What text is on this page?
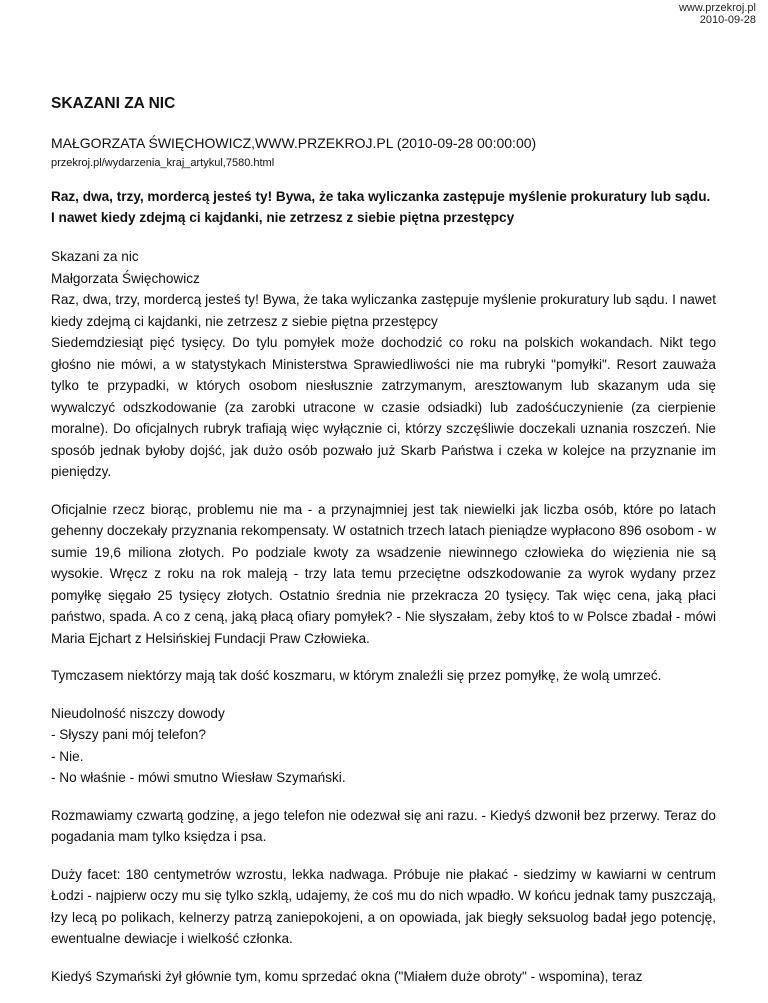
www.przekroj.pl
2010-09-28
SKAZANI ZA NIC

MAŁGORZATA ŚWIĘCHOWICZ,WWW.PRZEKROJ.PL (2010-09-28 00:00:00)

przekroj.pl/wydarzenia_kraj_artykul,7580.html

Raz, dwa, trzy, mordercą jesteś ty! Bywa, że taka wyliczanka zastępuje myślenie prokuratury lub sądu. I nawet kiedy zdejmą ci kajdanki, nie zetrzesz z siebie piętna przestępcy

Skazani za nic
Małgorzata Święchowicz
Raz, dwa, trzy, mordercą jesteś ty! Bywa, że taka wyliczanka zastępuje myślenie prokuratury lub sądu. I nawet kiedy zdejmą ci kajdanki, nie zetrzesz z siebie piętna przestępcy
Siedemdziesiąt pięć tysięcy. Do tylu pomyłek może dochodzić co roku na polskich wokandach. Nikt tego głośno nie mówi, a w statystykach Ministerstwa Sprawiedliwości nie ma rubryki "pomyłki". Resort zauważa tylko te przypadki, w których osobom niesłusznie zatrzymanym, aresztowanym lub skazanym uda się wywalczyć odszkodowanie (za zarobki utracone w czasie odsiadki) lub zadośćuczynienie (za cierpienie moralne). Do oficjalnych rubryk trafiają więc wyłącznie ci, którzy szczęśliwie doczekali uznania roszczeń. Nie sposób jednak byłoby dojść, jak dużo osób pozwało już Skarb Państwa i czeka w kolejce na przyznanie im pieniędzy.

Oficjalnie rzecz biorąc, problemu nie ma - a przynajmniej jest tak niewielki jak liczba osób, które po latach gehenny doczekały przyznania rekompensaty. W ostatnich trzech latach pieniądze wypłacono 896 osobom - w sumie 19,6 miliona złotych. Po podziale kwoty za wsadzenie niewinnego człowieka do więzienia nie są wysokie. Wręcz z roku na rok maleją - trzy lata temu przeciętne odszkodowanie za wyrok wydany przez pomyłkę sięgało 25 tysięcy złotych. Ostatnio średnia nie przekracza 20 tysięcy. Tak więc cena, jaką płaci państwo, spada. A co z ceną, jaką płacą ofiary pomyłek? - Nie słyszałam, żeby ktoś to w Polsce zbadał - mówi Maria Ejchart z Helsińskiej Fundacji Praw Człowieka.

Tymczasem niektórzy mają tak dość koszmaru, w którym znaleźli się przez pomyłkę, że wolą umrzeć.

Nieudolność niszczy dowody
- Słyszy pani mój telefon?
- Nie.
- No właśnie - mówi smutno Wiesław Szymański.

Rozmawiamy czwartą godzinę, a jego telefon nie odezwał się ani razu. - Kiedyś dzwonił bez przerwy. Teraz do pogadania mam tylko księdza i psa.

Duży facet: 180 centymetrów wzrostu, lekka nadwaga. Próbuje nie płakać - siedzimy w kawiarni w centrum Łodzi - najpierw oczy mu się tylko szklą, udajemy, że coś mu do nich wpadło. W końcu jednak tamy puszczają, łzy lecą po polikach, kelnerzy patrzą zaniepokojeni, a on opowiada, jak biegły seksuolog badał jego potencję, ewentualne dewiacje i wielkość członka.

Kiedyś Szymański żył głównie tym, komu sprzedać okna ("Miałem duże obroty" - wspomina), teraz
